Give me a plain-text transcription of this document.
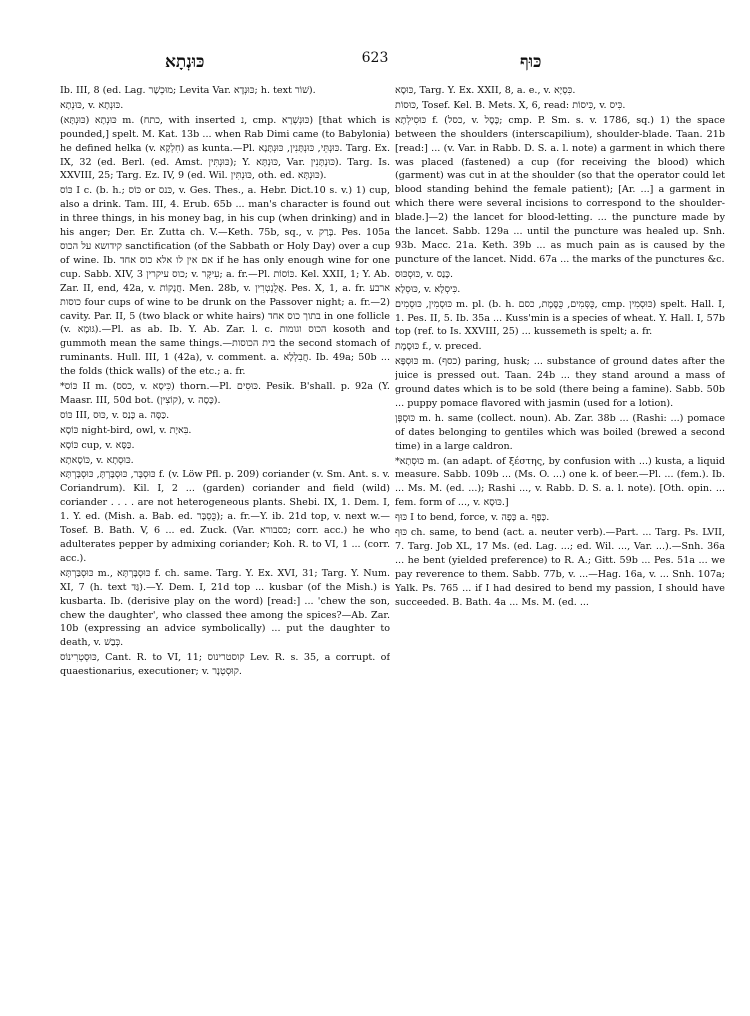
כּוּנְתָא	623	כּוּף

Ib. III, 8 (ed. Lag. מוּכְשָׁר; Levita Var. כּוּנְדָא; h. text שׁוֹר).

כּוּנְתָא, v. כּוּנְתָא.

כּוּנְתָא (כּוּנְתָּא) m. (כתח, with inserted נ, cmp. כּוּנְשְׁרָא) [that which is pounded,] spelt. M. Kat. 13b ... when Rab Dimi came (to Babylonia) he defined helka (v. חִלְקָא) as kunta.—Pl. כּוּנְתֵּי, כּוּנְתָּנִין, כּוּנְתָּנָא. Targ. Ex. IX, 32 (ed. Berl. (ed. Amst. כּוּנְתִּין); Y. כּוּנְתָּא, Var. כּוּנְתָּנִין). Targ. Is. XXVIII, 25; Targ. Ez. IV, 9 (ed. Wil. כּוּנְתִּין, oth. ed. כּוּנְתָּא).

כּוֹס I c. (b. h.; כּוֹס or כּנס, v. Ges. Thes., a. Hebr. Dict.10 s. v.) 1) cup, also a drink. Tam. III, 4. Erub. 65b ... man's character is found out in three things, in his money bag, in his cup (when drinking) and in his anger; Der. Er. Zutta ch. V.—Keth. 75b, sq., v. בָּרַק. Pes. 105a קידושא על הכוס sanctification (of the Sabbath or Holy Day) over a cup of wine. Ib. אם אין לו אלא כוס אחד if he has only enough wine for one cup. Sabb. XIV, 3 כוס עיקרין; v. עִיקָּר; a. fr.—Pl. כּוֹסוֹת. Kel. XXII, 1; Y. Ab. Zar. II, end, 42a, v. חֲנָקוֹת. Men. 28b, v. אֲלֻנְטְרִין. Pes. X, 1, a. fr. ארבע כוסות four cups of wine to be drunk on the Passover night; a. fr.—2) cavity. Par. II, 5 (two black or white hairs) בתוך כוס אחד in one follicle (v. גּוּמָא).—Pl. as ab. Ib. Y. Ab. Zar. l. c. הכוס וגומות kosoth and gummoth mean the same things.—בית הכוסות the second stomach of ruminants. Hull. III, 1 (42a), v. comment. a. חֲבִלְלָא. Ib. 49a; 50b ... the folds (thick walls) of the etc.; a. fr.

*כּוֹס II m. (כסס, v. כִּיסָא) thorn.—Pl. כּוּסִים. Pesik. B'shall. p. 92a (Y. Maasr. III, 50d bot. (קוֹצִין), v. כָּסָה).

כּוֹס III, כּוּס, v. כָּנַס a. כַּסָּה.

כּוֹסָא night-bird, owl, v. בִּאיָת.

כּוֹסָא cup, v. כַּסָּא.

כּוֹסָאתָא, v. כּוּסְתָא.

כּוּסְבָּר, כּוּסְבָּרְתָּ, כּוּסְבָּרְתָּא f. (v. Löw Pfl. p. 209) coriander (v. Sm. Ant. s. v. Coriandrum). Kil. I, 2 ... (garden) coriander and field (wild) coriander . . . . are not heterogeneous plants. Shebi. IX, 1. Dem. I, 1. Y. ed. (Mish. a. Bab. ed. כֻּסְבָּר); a. fr.—Y. ib. 21d top, v. next w.—Tosef. B. Bath. V, 6 ... ed. Zuck. (Var. כסבורא; corr. acc.) he who adulterates pepper by admixing coriander; Koh. R. to VI, 1 ... (corr. acc.).

כּוּסְבַּרְתָּא m., כּוּסְבָּרְתָּא f. ch. same. Targ. Y. Ex. XVI, 31; Targ. Y. Num. XI, 7 (h. text גַּד).—Y. Dem. I, 21d top ... kusbar (of the Mish.) is kusbarta. Ib. (derisive play on the word) [read:] ... 'chew the son, chew the daughter', who classed thee among the spices?—Ab. Zar. 10b (expressing an advice symbolically) ... put the daughter to death, v. כְּבַשׁ.

כּוּסְטְרִינוֹס, Cant. R. to VI, 11; קוסטרינוס Lev. R. s. 35, a corrupt. of quaestionarius, executioner; v. קוּסְטְנָר.

כּוּסָא, Targ. Y. Ex. XXII, 8, a. e., v. כִּסְיָא.

כּוּסוֹת, Tosef. Kel. B. Mets. X, 6, read: כִּיסוֹת, v. כִּיס.

כּוּסִילְתָא f. (כסל, v. כֶּסֶל; cmp. P. Sm. s. v. 1786, sq.) 1) the space between the shoulders (interscapilium), shoulder-blade. Taan. 21b [read:] ... (v. Var. in Rabb. D. S. a. l. note) a garment in which there was placed (fastened) a cup (for receiving the blood) which (garment) was cut in at the shoulder (so that the operator could let blood standing behind the female patient); [Ar. ...] a garment in which there were several incisions to correspond to the shoulder-blade.]—2) the lancet for blood-letting. ... the puncture made by the lancet. Sabb. 129a ... until the puncture was healed up. Snh. 93b. Macc. 21a. Keth. 39b ... as much pain as is caused by the puncture of the lancet. Nidd. 67a ... the marks of the punctures &c.

כּוּסְכּוּס, v. כָּנַס.

כּוּסְלָא, v. כִּיסְלָא.

כּוּסְמִין, כּוּסְמִים m. pl. (b. h. כֻּסְּמִים, כֻּסֶּמֶת, כסם, cmp. כּוּסְמִין) spelt. Hall. I, 1. Pes. II, 5. Ib. 35a ... Kuss'min is a species of wheat. Y. Hall. I, 57b top (ref. to Is. XXVIII, 25) ... kussemeth is spelt; a. fr.

כּוּסֶמֶת f., v. preced.

כּוּסְפָּא m. (כסף) paring, husk; ... substance of ground dates after the juice is pressed out. Taan. 24b ... they stand around a mass of ground dates which is to be sold (there being a famine). Sabb. 50b ... puppy pomace flavored with jasmin (used for a lotion).

כּוּסְפָּן m. h. same (collect. noun). Ab. Zar. 38b ... (Rashi: ...) pomace of dates belonging to gentiles which was boiled (brewed a second time) in a large caldron.

*כּוּסְתָא m. (an adapt. of ξέστης, by confusion with ...) kusta, a liquid measure. Sabb. 109b ... (Ms. O. ...) one k. of beer.—Pl. ... (fem.). Ib. ... Ms. M. (ed. ...); Rashi ..., v. Rabb. D. S. a. l. note). [Oth. opin. ... fem. form of ..., v. כּוּסָא.]

כּוּף I to bend, force, v. כָּפָה a. כָּפָף.

כּוּף ch. same, to bend (act. a. neuter verb).—Part. ... Targ. Ps. LVII, 7. Targ. Job XL, 17 Ms. (ed. Lag. ...; ed. Wil. ..., Var. ...).—Snh. 36a ... he bent (yielded preference) to R. A.; Gitt. 59b ... Pes. 51a ... we pay reverence to them. Sabb. 77b, v. ...—Hag. 16a, v. ... Snh. 107a; Yalk. Ps. 765 ... if I had desired to bend my passion, I should have succeeded. B. Bath. 4a ... Ms. M. (ed. ...
